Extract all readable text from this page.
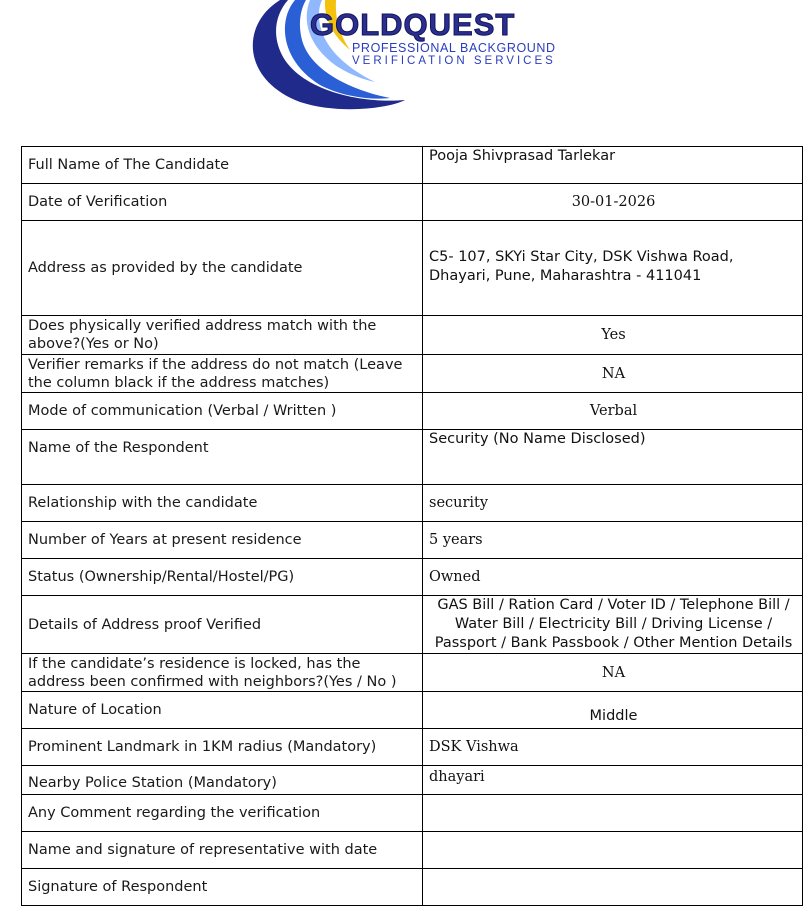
GOLDQUEST
PROFESSIONAL BACKGROUND
VERIFICATION SERVICES
Full Name of The Candidate	Pooja Shivprasad Tarlekar
Date of Verification	30-01-2026
Address as provided by the candidate	C5- 107, SKYi Star City, DSK Vishwa Road, Dhayari, Pune, Maharashtra - 411041
Does physically verified address match with the above?(Yes or No)	Yes
Verifier remarks if the address do not match (Leave the column black if the address matches)	NA
Mode of communication (Verbal / Written )	Verbal
Name of the Respondent	Security (No Name Disclosed)
Relationship with the candidate	security
Number of Years at present residence	5 years
Status (Ownership/Rental/Hostel/PG)	Owned
Details of Address proof Verified	GAS Bill / Ration Card / Voter ID / Telephone Bill / Water Bill / Electricity Bill / Driving License / Passport / Bank Passbook / Other Mention Details
If the candidate’s residence is locked, has the address been confirmed with neighbors?(Yes / No )	NA
Nature of Location	Middle
Prominent Landmark in 1KM radius (Mandatory)	DSK Vishwa
Nearby Police Station (Mandatory)	dhayari
Any Comment regarding the verification	
Name and signature of representative with date	
Signature of Respondent	
